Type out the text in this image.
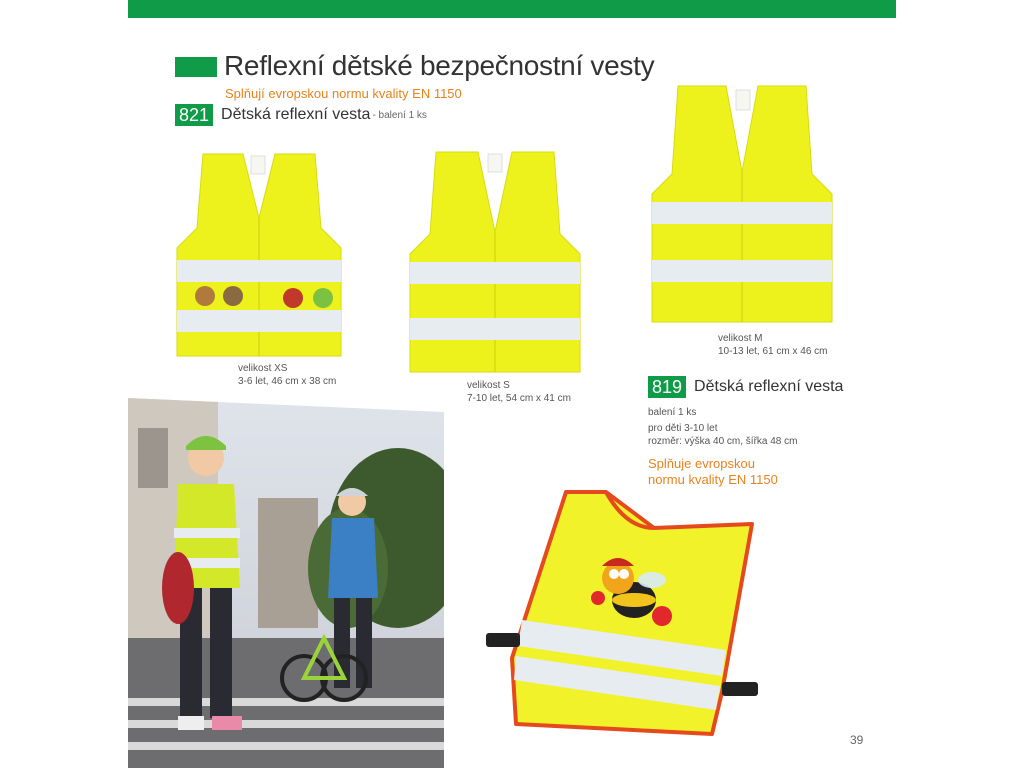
Reflexní dětské bezpečnostní vesty
Splňují evropskou normu kvality EN 1150
821 Dětská reflexní vesta - balení 1 ks
velikost XS
3-6 let, 46 cm x 38 cm	velikost S
7-10 let, 54 cm x 41 cm
velikost M
10-13 let, 61 cm x 46 cm
819 Dětská reflexní vesta
balení 1 ks
pro děti 3-10 let
rozměr: výška 40 cm, šířka 48 cm
Splňuje evropskou
normu kvality EN 1150
39
